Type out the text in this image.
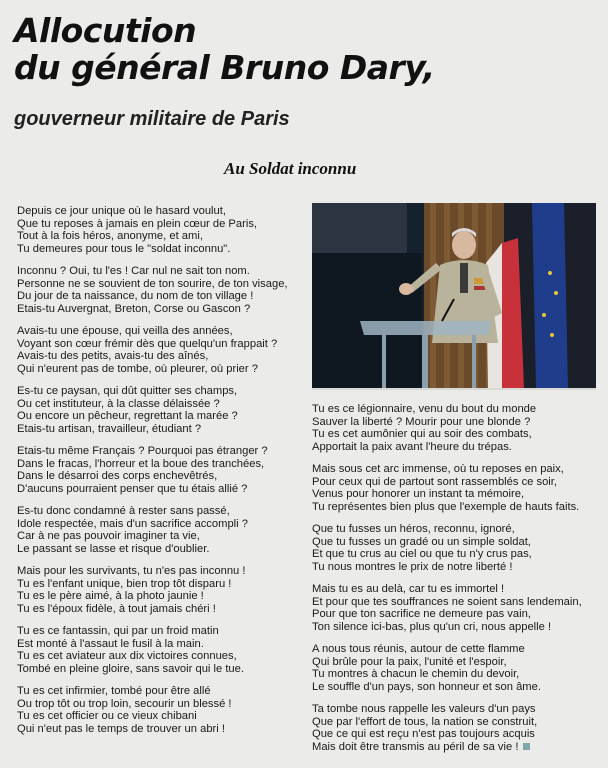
Allocution
du général Bruno Dary,
gouverneur militaire de Paris
Au Soldat inconnu
Depuis ce jour unique où le hasard voulut,
Que tu reposes à jamais en plein cœur de Paris,
Tout à la fois héros, anonyme, et ami,
Tu demeures pour tous le "soldat inconnu".
Inconnu ? Oui, tu l'es ! Car nul ne sait ton nom.
Personne ne se souvient de ton sourire, de ton visage,
Du jour de ta naissance, du nom de ton village !
Etais-tu Auvergnat, Breton, Corse ou Gascon ?
Avais-tu une épouse, qui veilla des années,
Voyant son cœur frémir dès que quelqu'un frappait ?
Avais-tu des petits, avais-tu des aînés,
Qui n'eurent pas de tombe, où pleurer, où prier ?
Es-tu ce paysan, qui dût quitter ses champs,
Ou cet instituteur, à la classe délaissée ?
Ou encore un pêcheur, regrettant la marée ?
Etais-tu artisan, travailleur, étudiant ?
Etais-tu même Français ? Pourquoi pas étranger ?
Dans le fracas, l'horreur et la boue des tranchées,
Dans le désarroi des corps enchevêtrés,
D'aucuns pourraient penser que tu étais allié ?
Es-tu donc condamné à rester sans passé,
Idole respectée, mais d'un sacrifice accompli ?
Car à ne pas pouvoir imaginer ta vie,
Le passant se lasse et risque d'oublier.
Mais pour les survivants, tu n'es pas inconnu !
Tu es l'enfant unique, bien trop tôt disparu !
Tu es le père aimé, à la photo jaunie !
Tu es l'époux fidèle, à tout jamais chéri !
Tu es ce fantassin, qui par un froid matin
Est monté à l'assaut le fusil à la main.
Tu es cet aviateur aux dix victoires connues,
Tombé en pleine gloire, sans savoir qui le tue.
Tu es cet infirmier, tombé pour être allé
Ou trop tôt ou trop loin, secourir un blessé !
Tu es cet officier ou ce vieux chibani
Qui n'eut pas le temps de trouver un abri !
Tu es ce légionnaire, venu du bout du monde
Sauver la liberté ? Mourir pour une blonde ?
Tu es cet aumônier qui au soir des combats,
Apportait la paix avant l'heure du trépas.
Mais sous cet arc immense, où tu reposes en paix,
Pour ceux qui de partout sont rassemblés ce soir,
Venus pour honorer un instant ta mémoire,
Tu représentes bien plus que l'exemple de hauts faits.
Que tu fusses un héros, reconnu, ignoré,
Que tu fusses un gradé ou un simple soldat,
Et que tu crus au ciel ou que tu n'y crus pas,
Tu nous montres le prix de notre liberté !
Mais tu es au delà, car tu es immortel !
Et pour que tes souffrances ne soient sans lendemain,
Pour que ton sacrifice ne demeure pas vain,
Ton silence ici-bas, plus qu'un cri, nous appelle !
A nous tous réunis, autour de cette flamme
Qui brûle pour la paix, l'unité et l'espoir,
Tu montres à chacun le chemin du devoir,
Le souffle d'un pays, son honneur et son âme.
Ta tombe nous rappelle les valeurs d'un pays
Que par l'effort de tous, la nation se construit,
Que ce qui est reçu n'est pas toujours acquis
Mais doit être transmis au péril de sa vie !
